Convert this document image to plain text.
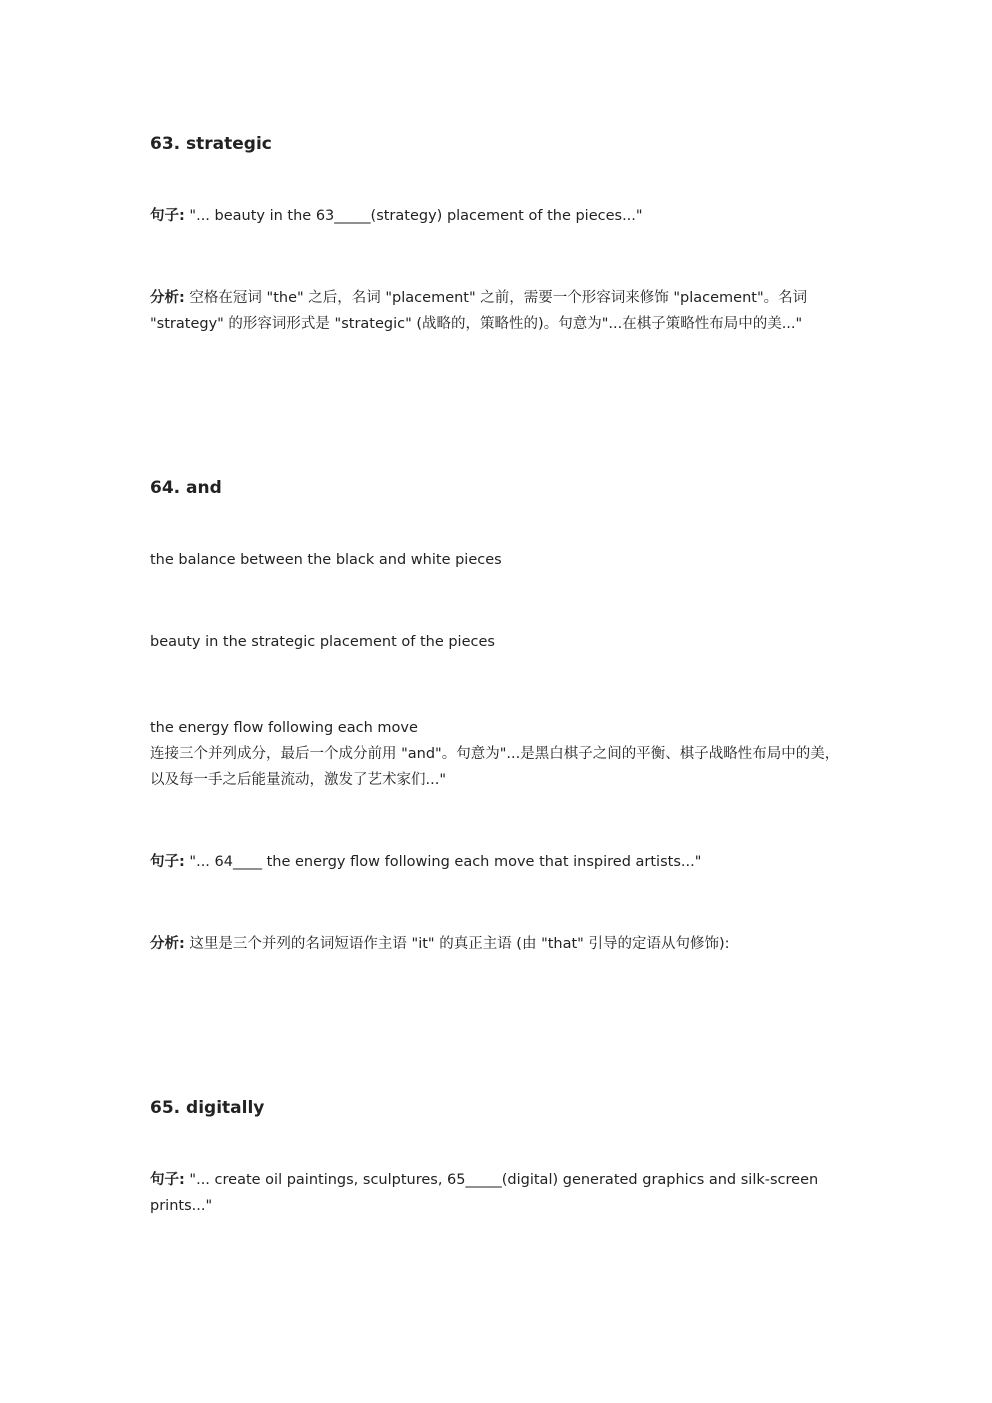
63. strategic

句子: "... beauty in the 63_____(strategy) placement of the pieces..."

分析: 空格在冠词 "the" 之后，名词 "placement" 之前，需要一个形容词来修饰 "placement"。名词 "strategy" 的形容词形式是 "strategic" (战略的，策略性的)。句意为"...在棋子策略性布局中的美..."

64. and

the balance between the black and white pieces

beauty in the strategic placement of the pieces

the energy flow following each move

连接三个并列成分，最后一个成分前用 "and"。句意为"...是黑白棋子之间的平衡、棋子战略性布局中的美，以及每一手之后能量流动，激发了艺术家们..."

句子: "... 64____ the energy flow following each move that inspired artists..."

分析: 这里是三个并列的名词短语作主语 "it" 的真正主语 (由 "that" 引导的定语从句修饰):

65. digitally

句子: "... create oil paintings, sculptures, 65_____(digital) generated graphics and silk-screen prints..."
